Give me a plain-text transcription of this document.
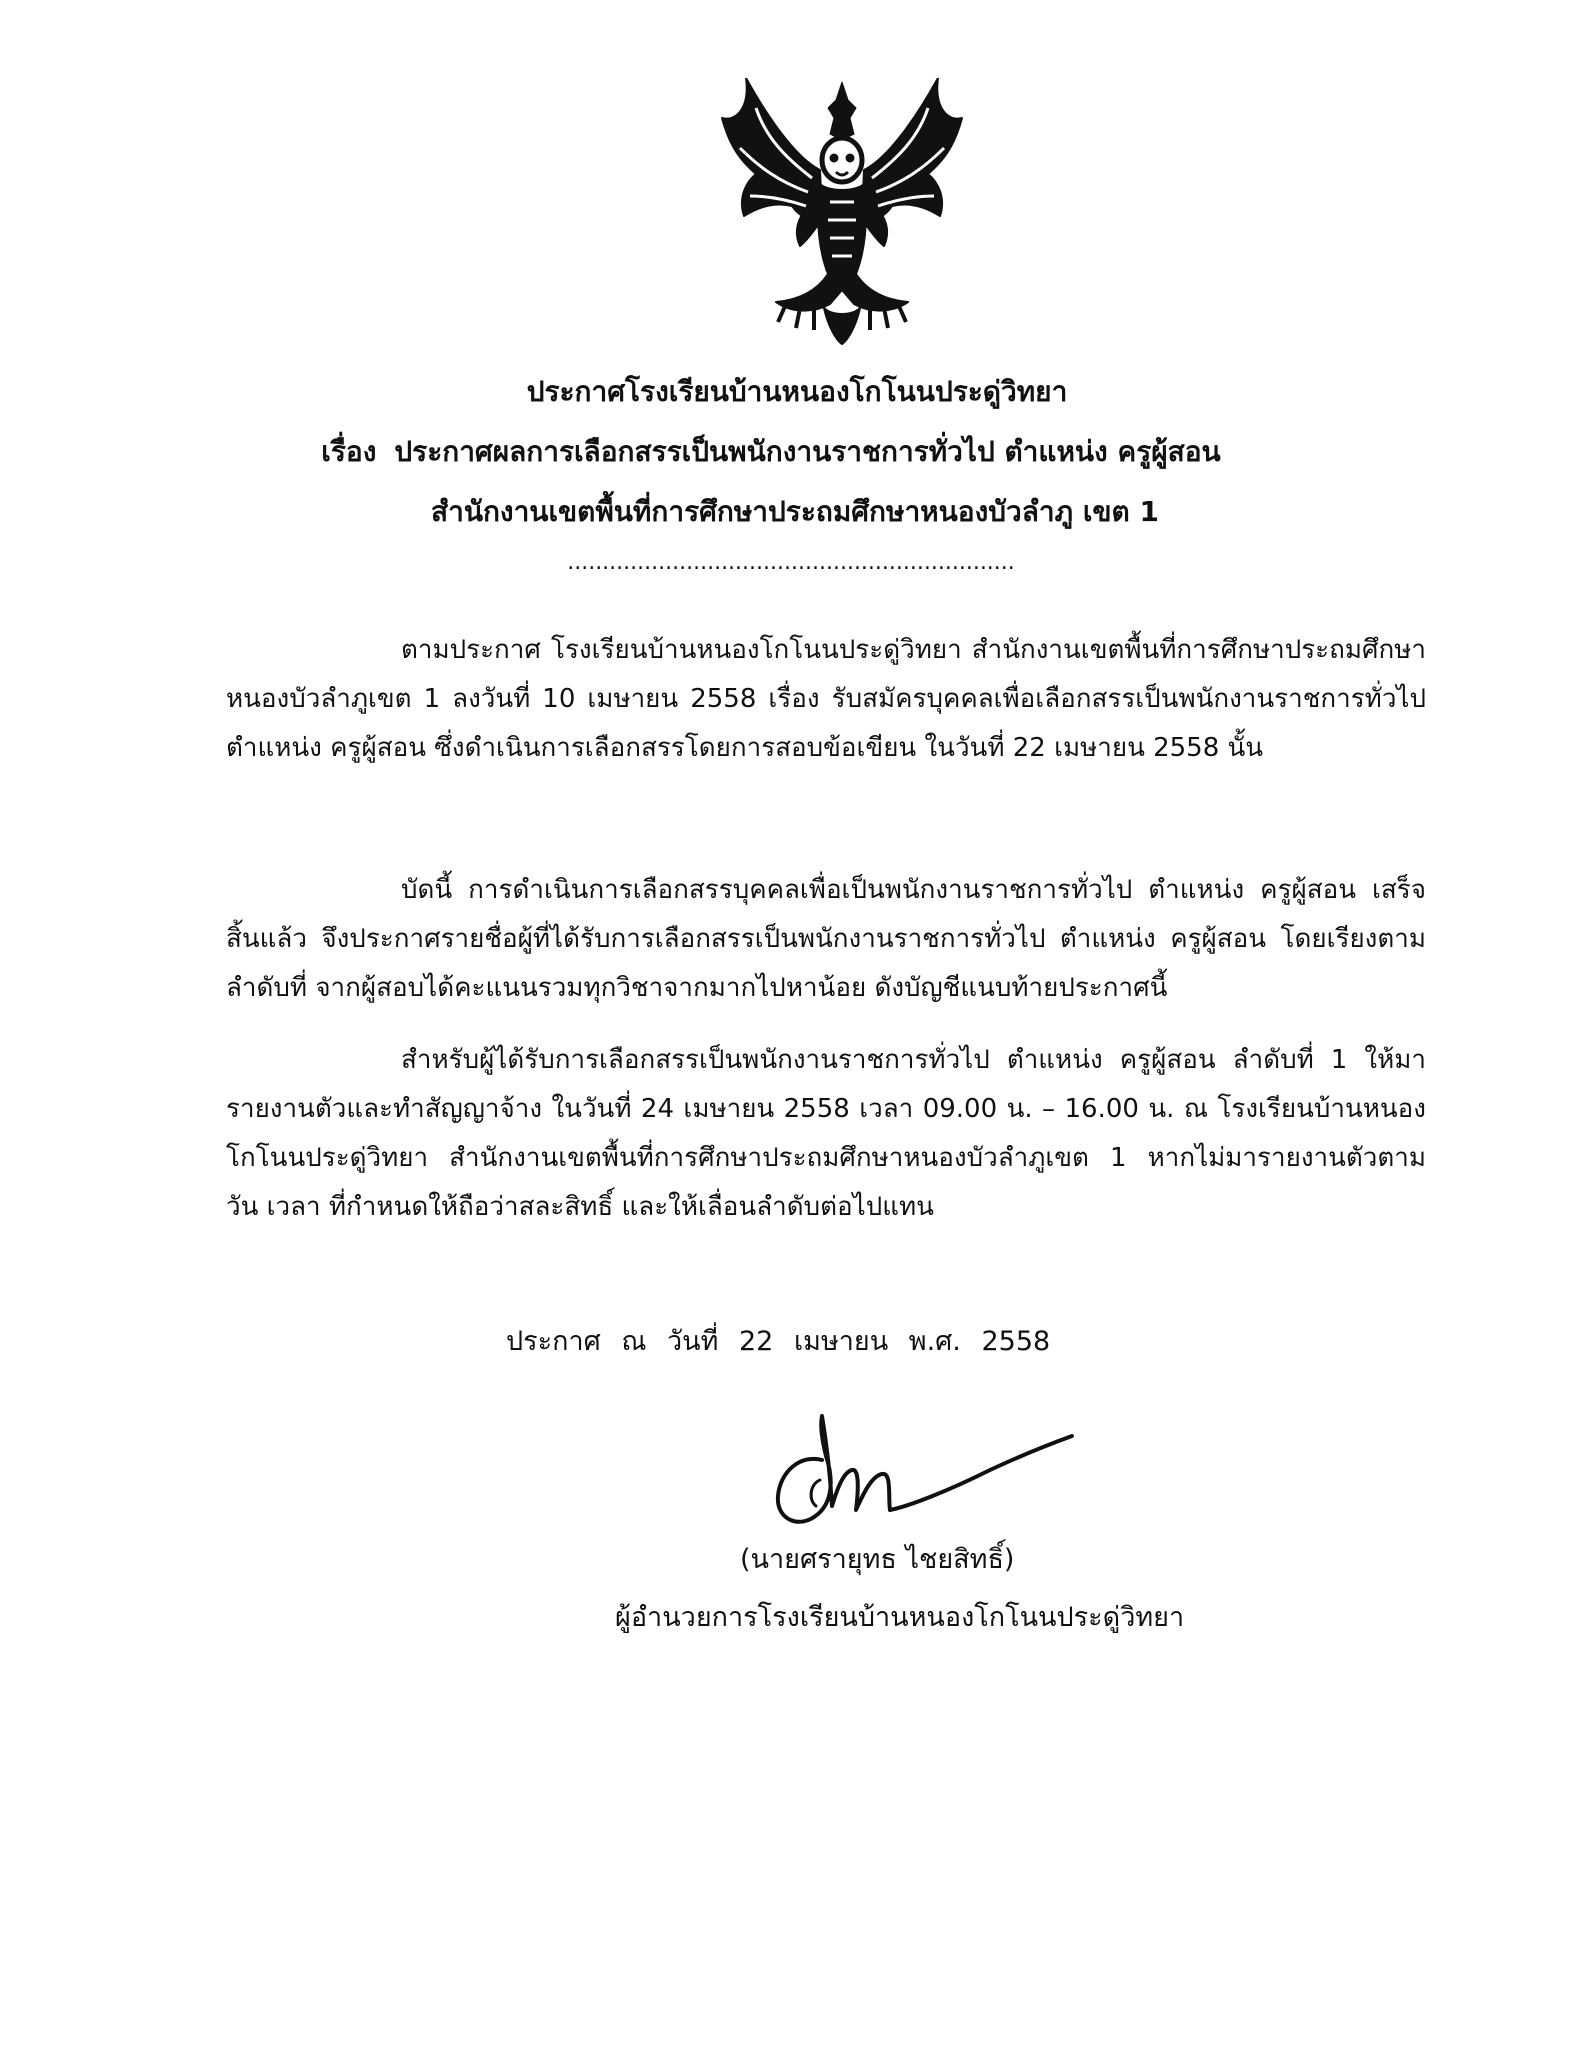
ประกาศโรงเรียนบ้านหนองโกโนนประดู่วิทยา
เรื่อง ประกาศผลการเลือกสรรเป็นพนักงานราชการทั่วไป ตำแหน่ง ครูผู้สอน
สำนักงานเขตพื้นที่การศึกษาประถมศึกษาหนองบัวลำภู เขต 1
................................................................
ตามประกาศ โรงเรียนบ้านหนองโกโนนประดู่วิทยา สำนักงานเขตพื้นที่การศึกษาประถมศึกษาหนองบัวลำภูเขต 1 ลงวันที่ 10 เมษายน 2558 เรื่อง รับสมัครบุคคลเพื่อเลือกสรรเป็นพนักงานราชการทั่วไป ตำแหน่ง ครูผู้สอน ซึ่งดำเนินการเลือกสรรโดยการสอบข้อเขียน ในวันที่ 22 เมษายน 2558 นั้น
บัดนี้ การดำเนินการเลือกสรรบุคคลเพื่อเป็นพนักงานราชการทั่วไป ตำแหน่ง ครูผู้สอน เสร็จสิ้นแล้ว จึงประกาศรายชื่อผู้ที่ได้รับการเลือกสรรเป็นพนักงานราชการทั่วไป ตำแหน่ง ครูผู้สอน โดยเรียงตามลำดับที่ จากผู้สอบได้คะแนนรวมทุกวิชาจากมากไปหาน้อย ดังบัญชีแนบท้ายประกาศนี้
สำหรับผู้ได้รับการเลือกสรรเป็นพนักงานราชการทั่วไป ตำแหน่ง ครูผู้สอน ลำดับที่ 1 ให้มารายงานตัวและทำสัญญาจ้าง ในวันที่ 24 เมษายน 2558 เวลา 09.00 น. – 16.00 น. ณ โรงเรียนบ้านหนองโกโนนประดู่วิทยา สำนักงานเขตพื้นที่การศึกษาประถมศึกษาหนองบัวลำภูเขต 1 หากไม่มารายงานตัวตาม วัน เวลา ที่กำหนดให้ถือว่าสละสิทธิ์ และให้เลื่อนลำดับต่อไปแทน
ประกาศ ณ วันที่ 22 เมษายน พ.ศ. 2558
(นายศรายุทธ ไชยสิทธิ์)
ผู้อำนวยการโรงเรียนบ้านหนองโกโนนประดู่วิทยา
